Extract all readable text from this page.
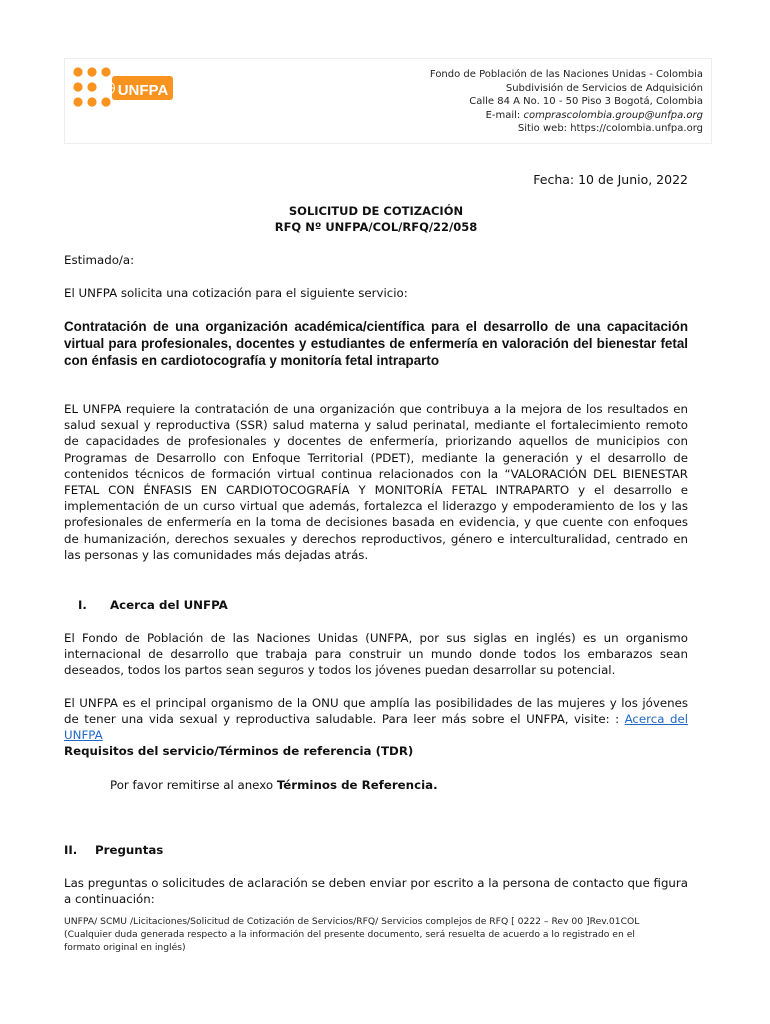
UNFPA
Fondo de Población de las Naciones Unidas - Colombia
Subdivisión de Servicios de Adquisición
Calle 84 A No. 10 - 50 Piso 3 Bogotá, Colombia
E-mail: comprascolombia.group@unfpa.org
Sitio web: https://colombia.unfpa.org
Fecha: 10 de Junio, 2022
SOLICITUD DE COTIZACIÓN
RFQ Nº UNFPA/COL/RFQ/22/058
Estimado/a:
El UNFPA solicita una cotización para el siguiente servicio:
Contratación de una organización académica/científica para el desarrollo de una capacitación virtual para profesionales, docentes y estudiantes de enfermería en valoración del bienestar fetal con énfasis en cardiotocografía y monitoría fetal intraparto
EL UNFPA requiere la contratación de una organización que contribuya a la mejora de los resultados en salud sexual y reproductiva (SSR) salud materna y salud perinatal, mediante el fortalecimiento remoto de capacidades de profesionales y docentes de enfermería, priorizando aquellos de municipios con Programas de Desarrollo con Enfoque Territorial (PDET), mediante la generación y el desarrollo de contenidos técnicos de formación virtual continua relacionados con la “VALORACIÓN DEL BIENESTAR FETAL CON ÉNFASIS EN CARDIOTOCOGRAFÍA Y MONITORÍA FETAL INTRAPARTO y el desarrollo e implementación de un curso virtual que además, fortalezca el liderazgo y empoderamiento de los y las profesionales de enfermería en la toma de decisiones basada en evidencia, y que cuente con enfoques de humanización, derechos sexuales y derechos reproductivos, género e interculturalidad, centrado en las personas y las comunidades más dejadas atrás.
I. Acerca del UNFPA
El Fondo de Población de las Naciones Unidas (UNFPA, por sus siglas en inglés) es un organismo internacional de desarrollo que trabaja para construir un mundo donde todos los embarazos sean deseados, todos los partos sean seguros y todos los jóvenes puedan desarrollar su potencial.
El UNFPA es el principal organismo de la ONU que amplía las posibilidades de las mujeres y los jóvenes de tener una vida sexual y reproductiva saludable. Para leer más sobre el UNFPA, visite: : Acerca del UNFPA
Requisitos del servicio/Términos de referencia (TDR)
Por favor remitirse al anexo Términos de Referencia.
II. Preguntas
Las preguntas o solicitudes de aclaración se deben enviar por escrito a la persona de contacto que figura a continuación:
UNFPA/ SCMU /Licitaciones/Solicitud de Cotización de Servicios/RFQ/ Servicios complejos de RFQ [ 0222 – Rev 00 ]Rev.01COL
(Cualquier duda generada respecto a la información del presente documento, será resuelta de acuerdo a lo registrado en el
formato original en inglés)
